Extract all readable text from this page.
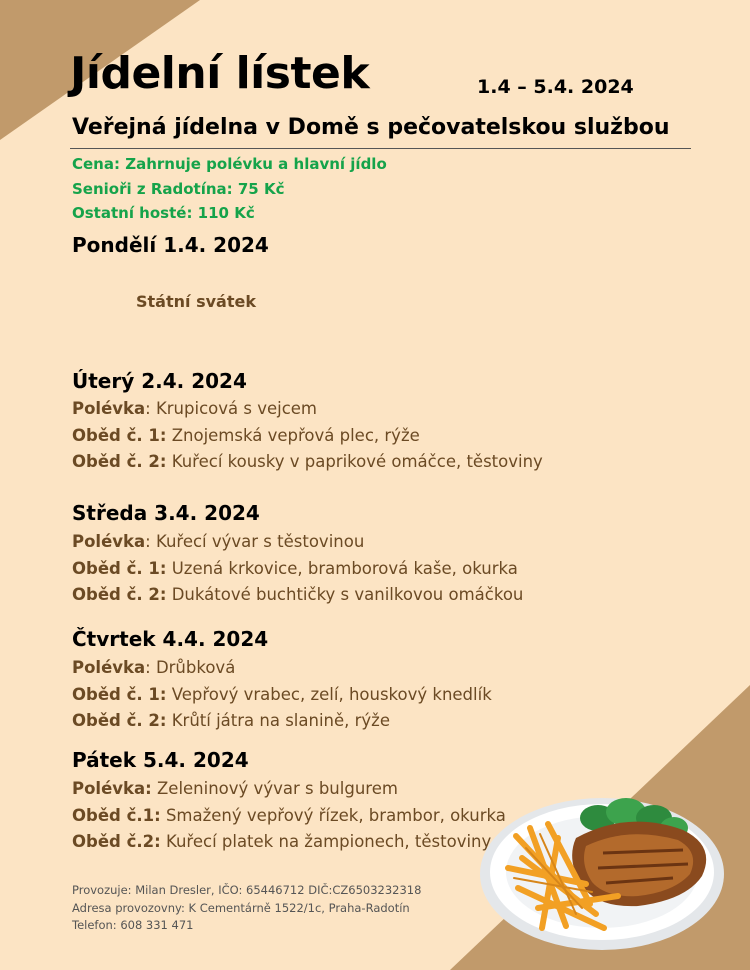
Jídelní lístek	1.4 – 5.4. 2024
Veřejná jídelna v Domě s pečovatelskou službou
Cena: Zahrnuje polévku a hlavní jídlo
Senioři z Radotína: 75 Kč
Ostatní hosté: 110 Kč
Pondělí 1.4. 2024
Státní svátek
Úterý 2.4. 2024
Polévka: Krupicová s vejcem
Oběd č. 1: Znojemská vepřová plec, rýže
Oběd č. 2: Kuřecí kousky v paprikové omáčce, těstoviny
Středa 3.4. 2024
Polévka: Kuřecí vývar s těstovinou
Oběd č. 1: Uzená krkovice, bramborová kaše, okurka
Oběd č. 2: Dukátové buchtičky s vanilkovou omáčkou
Čtvrtek 4.4. 2024
Polévka: Drůbková
Oběd č. 1: Vepřový vrabec, zelí, houskový knedlík
Oběd č. 2: Krůtí játra na slanině, rýže
Pátek 5.4. 2024
Polévka: Zeleninový vývar s bulgurem
Oběd č.1: Smažený vepřový řízek, brambor, okurka
Oběd č.2: Kuřecí platek na žampionech, těstoviny
Provozuje: Milan Dresler, IČO: 65446712 DIČ:CZ6503232318
Adresa provozovny: K Cementárně 1522/1c, Praha-Radotín
Telefon: 608 331 471
